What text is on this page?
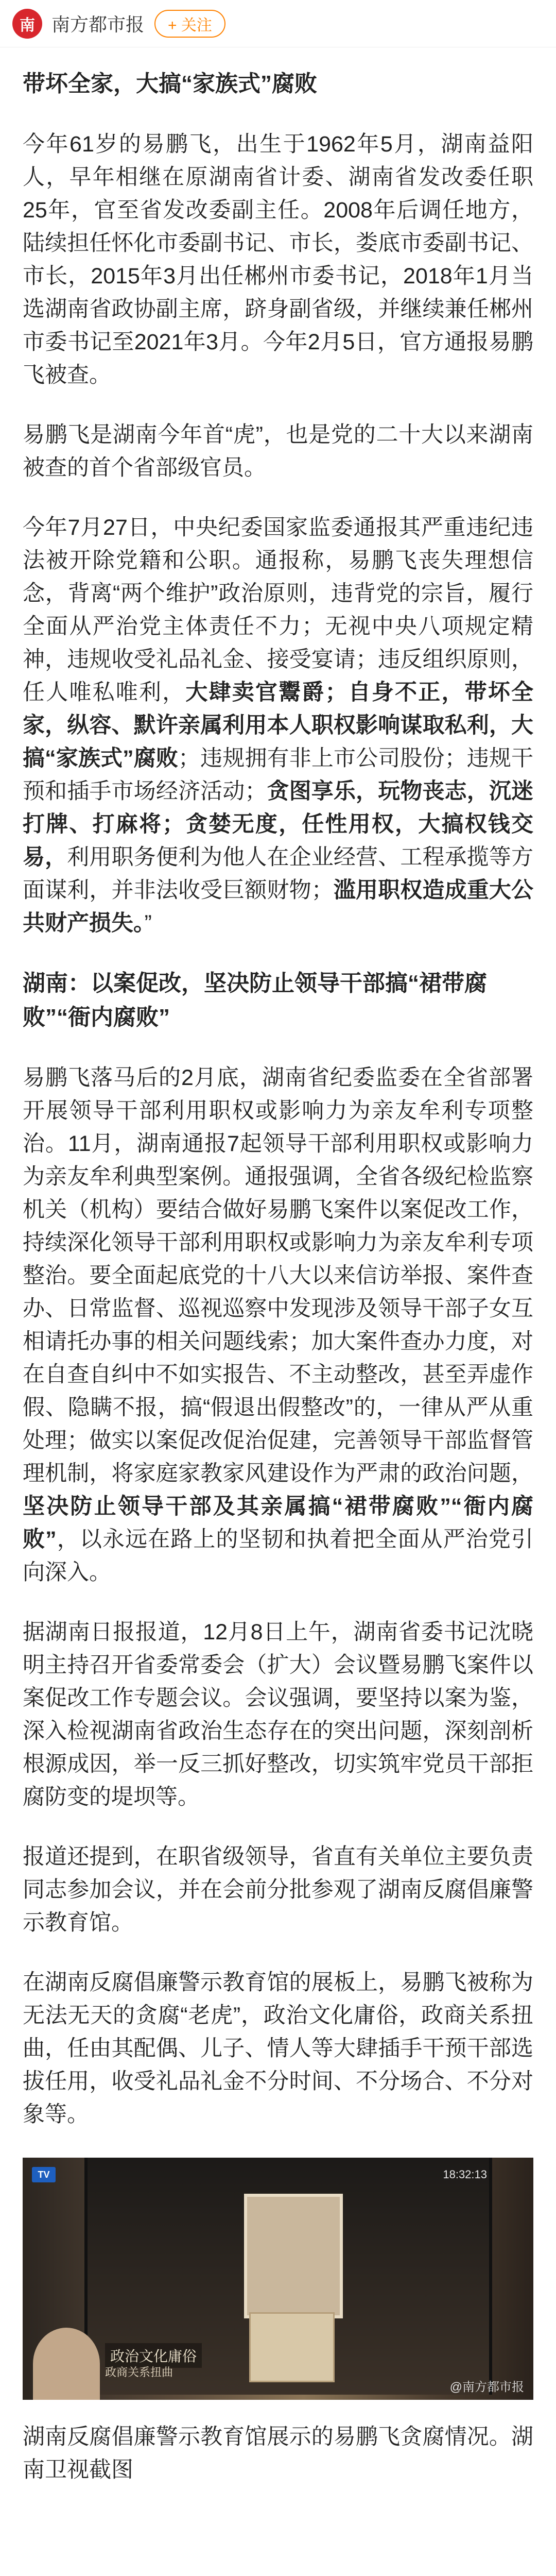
南 南方都市报	+ 关注
带坏全家，大搞“家族式”腐败

今年61岁的易鹏飞，出生于1962年5月，湖南益阳人，早年相继在原湖南省计委、湖南省发改委任职25年，官至省发改委副主任。2008年后调任地方，陆续担任怀化市委副书记、市长，娄底市委副书记、市长，2015年3月出任郴州市委书记，2018年1月当选湖南省政协副主席，跻身副省级，并继续兼任郴州市委书记至2021年3月。今年2月5日，官方通报易鹏飞被查。

易鹏飞是湖南今年首“虎”，也是党的二十大以来湖南被查的首个省部级官员。

今年7月27日，中央纪委国家监委通报其严重违纪违法被开除党籍和公职。通报称，易鹏飞丧失理想信念，背离“两个维护”政治原则，违背党的宗旨，履行全面从严治党主体责任不力；无视中央八项规定精神，违规收受礼品礼金、接受宴请；违反组织原则，任人唯私唯利，大肆卖官鬻爵；自身不正，带坏全家，纵容、默许亲属利用本人职权影响谋取私利，大搞“家族式”腐败；违规拥有非上市公司股份；违规干预和插手市场经济活动；贪图享乐，玩物丧志，沉迷打牌、打麻将；贪婪无度，任性用权，大搞权钱交易，利用职务便利为他人在企业经营、工程承揽等方面谋利，并非法收受巨额财物；滥用职权造成重大公共财产损失。”

湖南：以案促改，坚决防止领导干部搞“裙带腐败”“衙内腐败”

易鹏飞落马后的2月底，湖南省纪委监委在全省部署开展领导干部利用职权或影响力为亲友牟利专项整治。11月，湖南通报7起领导干部利用职权或影响力为亲友牟利典型案例。通报强调，全省各级纪检监察机关（机构）要结合做好易鹏飞案件以案促改工作，持续深化领导干部利用职权或影响力为亲友牟利专项整治。要全面起底党的十八大以来信访举报、案件查办、日常监督、巡视巡察中发现涉及领导干部子女互相请托办事的相关问题线索；加大案件查办力度，对在自查自纠中不如实报告、不主动整改，甚至弄虚作假、隐瞒不报，搞“假退出假整改”的，一律从严从重处理；做实以案促改促治促建，完善领导干部监督管理机制，将家庭家教家风建设作为严肃的政治问题，坚决防止领导干部及其亲属搞“裙带腐败”“衙内腐败”，以永远在路上的坚韧和执着把全面从严治党引向深入。

据湖南日报报道，12月8日上午，湖南省委书记沈晓明主持召开省委常委会（扩大）会议暨易鹏飞案件以案促改工作专题会议。会议强调，要坚持以案为鉴，深入检视湖南省政治生态存在的突出问题，深刻剖析根源成因，举一反三抓好整改，切实筑牢党员干部拒腐防变的堤坝等。

报道还提到，在职省级领导，省直有关单位主要负责同志参加会议，并在会前分批参观了湖南反腐倡廉警示教育馆。

在湖南反腐倡廉警示教育馆的展板上，易鹏飞被称为无法无天的贪腐“老虎”，政治文化庸俗，政商关系扭曲，任由其配偶、儿子、情人等大肆插手干预干部选拔任用，收受礼品礼金不分时间、不分场合、不分对象等。

TV	18:32:13
政治文化庸俗
政商关系扭曲
@南方都市报

湖南反腐倡廉警示教育馆展示的易鹏飞贪腐情况。湖南卫视截图
